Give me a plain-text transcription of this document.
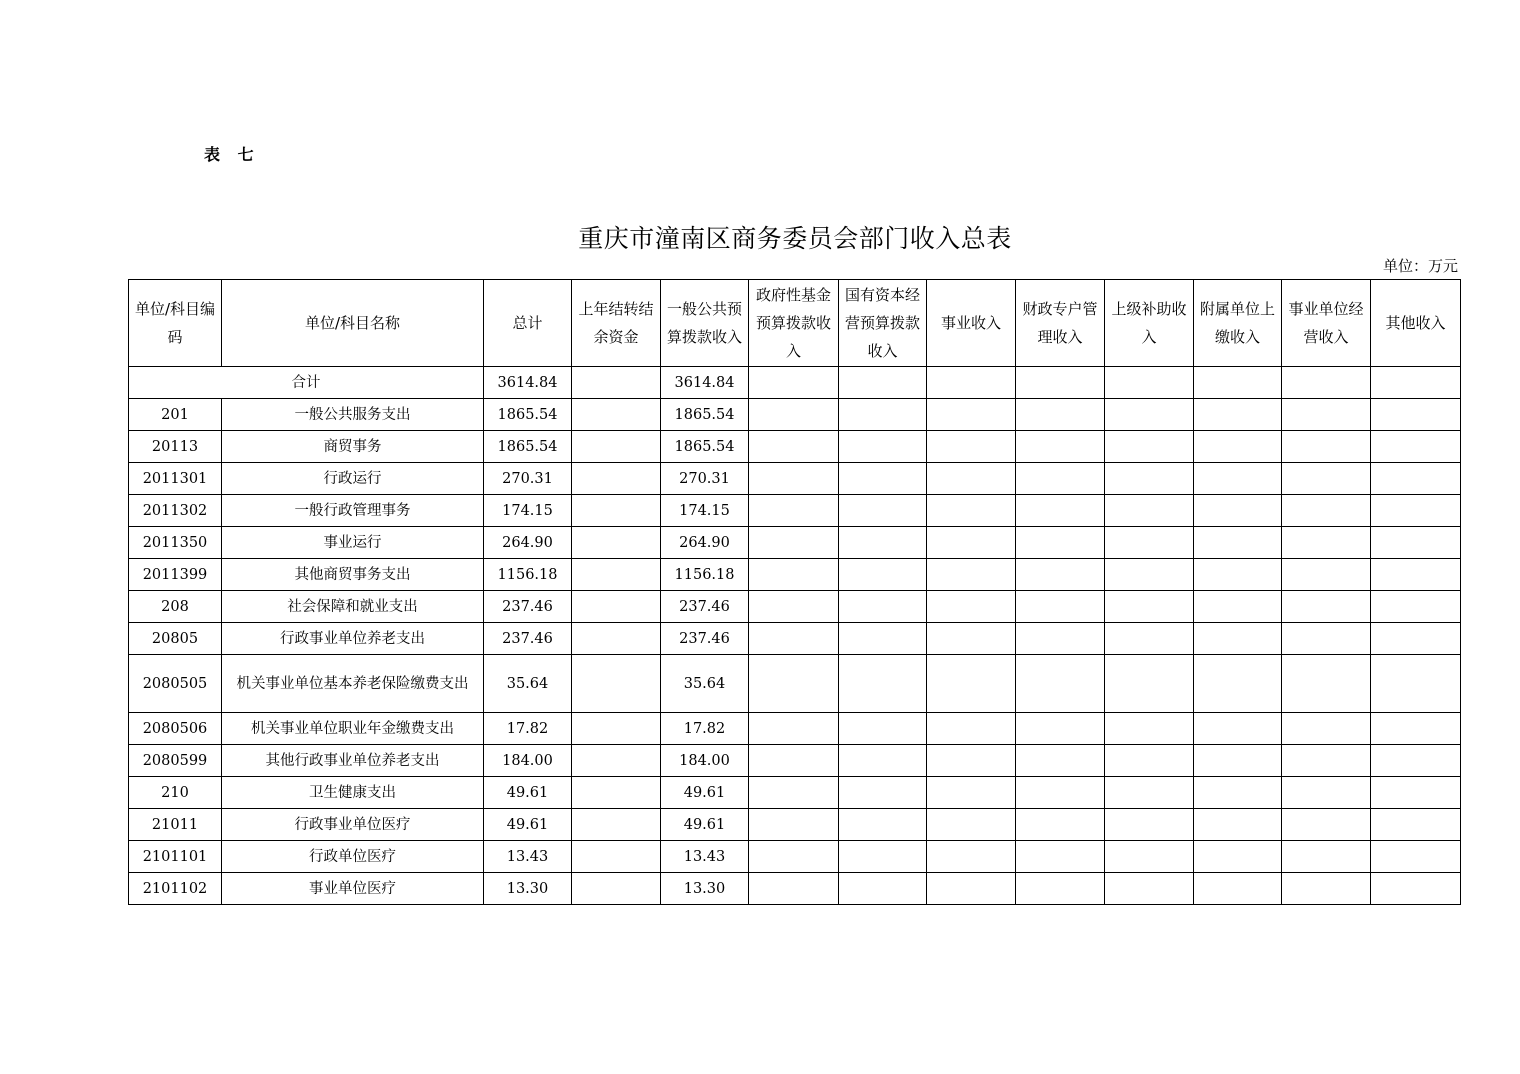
表 七
重庆市潼南区商务委员会部门收入总表
单位：万元
单位/科目编码	单位/科目名称	总计	上年结转结余资金	一般公共预算拨款收入	政府性基金预算拨款收入	国有资本经营预算拨款收入	事业收入	财政专户管理收入	上级补助收入	附属单位上缴收入	事业单位经营收入	其他收入
合计		3614.84		3614.84								
201	一般公共服务支出	1865.54		1865.54								
20113	商贸事务	1865.54		1865.54								
2011301	行政运行	270.31		270.31								
2011302	一般行政管理事务	174.15		174.15								
2011350	事业运行	264.90		264.90								
2011399	其他商贸事务支出	1156.18		1156.18								
208	社会保障和就业支出	237.46		237.46								
20805	行政事业单位养老支出	237.46		237.46								
2080505	机关事业单位基本养老保险缴费支出	35.64		35.64								
2080506	机关事业单位职业年金缴费支出	17.82		17.82								
2080599	其他行政事业单位养老支出	184.00		184.00								
210	卫生健康支出	49.61		49.61								
21011	行政事业单位医疗	49.61		49.61								
2101101	行政单位医疗	13.43		13.43								
2101102	事业单位医疗	13.30		13.30								
